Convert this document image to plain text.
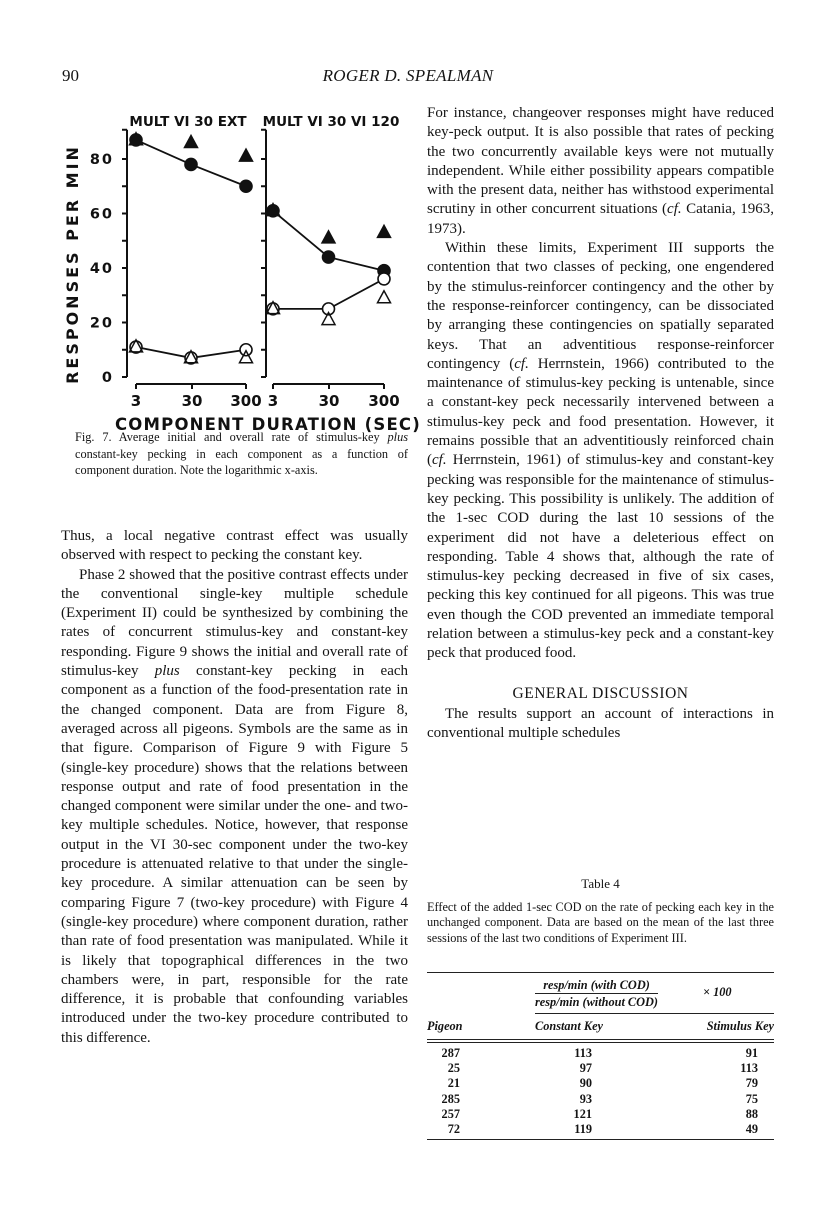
90	ROGER D. SPEALMAN
3	30 300
MULT VI 30 EXT
3	30 300
MULT VI 30 VI 120
0
20
40
60
80
RESPONSES PER MIN
COMPONENT DURATION (SEC)
Fig. 7. Average initial and overall rate of stimulus-key plus constant-key pecking in each component as a function of component duration. Note the logarithmic x-axis.

Thus, a local negative contrast effect was usually observed with respect to pecking the constant key.

Phase 2 showed that the positive contrast effects under the conventional single-key multiple schedule (Experiment II) could be synthesized by combining the rates of concurrent stimulus-key and constant-key responding. Figure 9 shows the initial and overall rate of stimulus-key plus constant-key pecking in each component as a function of the food-presentation rate in the changed component. Data are from Figure 8, averaged across all pigeons. Symbols are the same as in that figure. Comparison of Figure 9 with Figure 5 (single-key procedure) shows that the relations between response output and rate of food presentation in the changed component were similar under the one- and two-key multiple schedules. Notice, however, that response output in the VI 30-sec component under the two-key procedure is attenuated relative to that under the single-key procedure. A similar attenuation can be seen by comparing Figure 7 (two-key procedure) with Figure 4 (single-key procedure) where component duration, rather than rate of food presentation was manipulated. While it is likely that topographical differences in the two chambers were, in part, responsible for the rate difference, it is probable that confounding variables introduced under the two-key procedure contributed to this difference.

For instance, changeover responses might have reduced key-peck output. It is also possible that rates of pecking the two concurrently available keys were not mutually independent. While either possibility appears compatible with the present data, neither has withstood experimental scrutiny in other concurrent situations (cf. Catania, 1963, 1973).

Within these limits, Experiment III supports the contention that two classes of pecking, one engendered by the stimulus-reinforcer contingency and the other by the response-reinforcer contingency, can be dissociated by arranging these contingencies on spatially separated keys. That an adventitious response-reinforcer contingency (cf. Herrnstein, 1966) contributed to the maintenance of stimulus-key pecking is untenable, since a constant-key peck necessarily intervened between a stimulus-key peck and food presentation. However, it remains possible that an adventitiously reinforced chain (cf. Herrnstein, 1961) of stimulus-key and constant-key pecking was responsible for the maintenance of stimulus-key pecking. This possibility is unlikely. The addition of the 1-sec COD during the last 10 sessions of the experiment did not have a deleterious effect on responding. Table 4 shows that, although the rate of stimulus-key pecking decreased in five of six cases, pecking this key continued for all pigeons. This was true even though the COD prevented an immediate temporal relation between a stimulus-key peck and a constant-key peck that produced food.

GENERAL DISCUSSION

The results support an account of interactions in conventional multiple schedules

Table 4
Effect of the added 1-sec COD on the rate of pecking each key in the unchanged component. Data are based on the mean of the last three sessions of the last two conditions of Experiment III.
resp/min (with COD)
resp/min (without COD)
× 100
Pigeon	Constant Key	Stimulus Key
287	113	91
25	97	113
21	90	79
285	93	75
257	121	88
72	119	49
